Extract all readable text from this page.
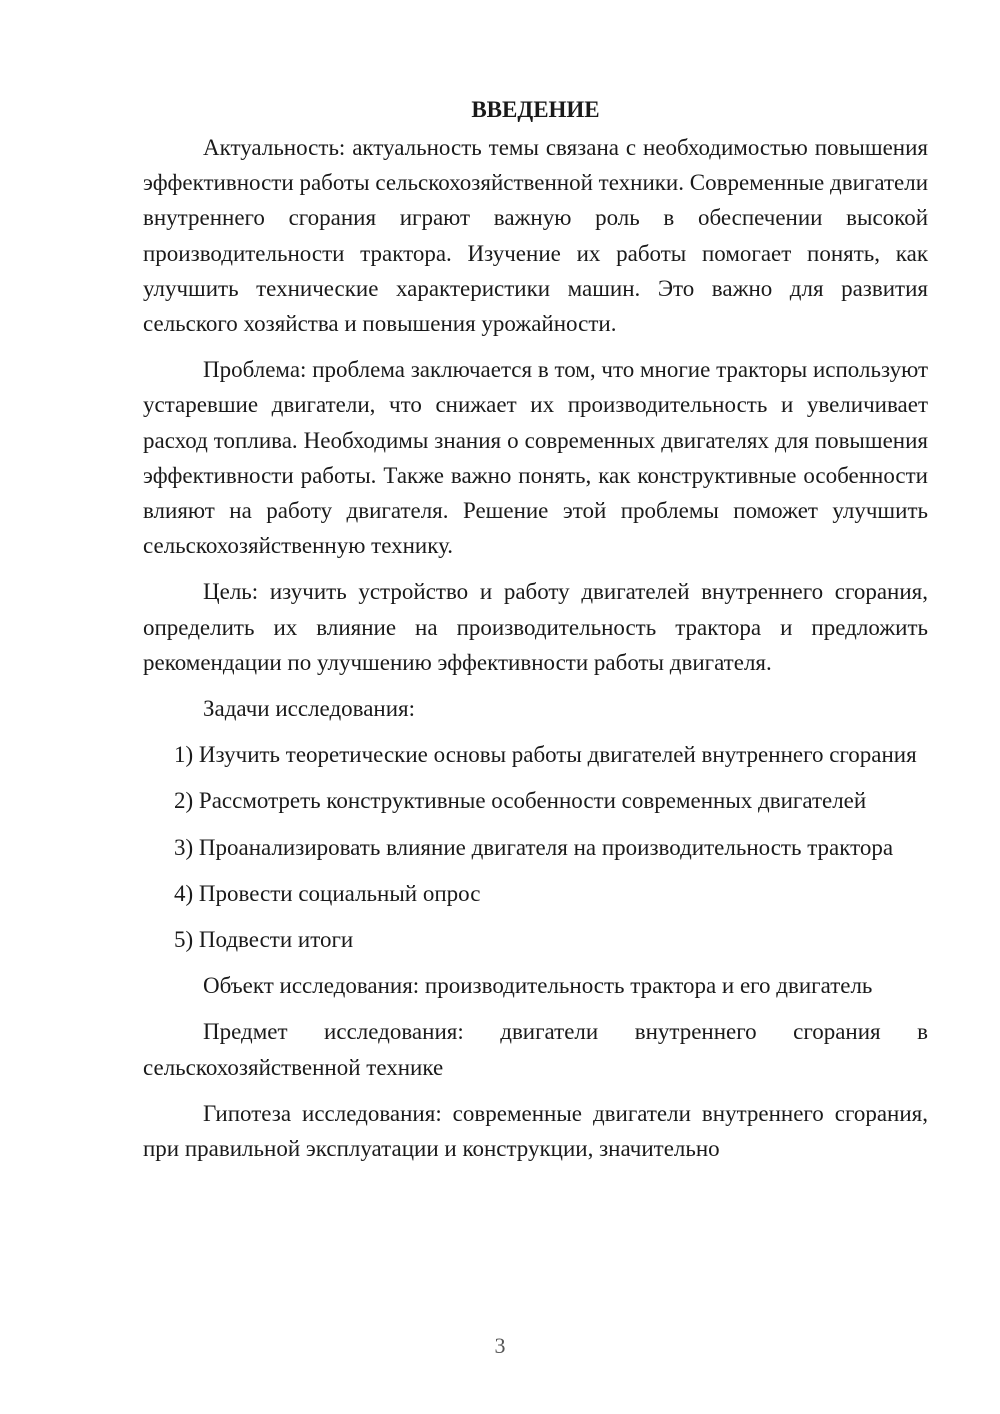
ВВЕДЕНИЕ

Актуальность: актуальность темы связана с необходимостью повышения эффективности работы сельскохозяйственной техники. Современные двигатели внутреннего сгорания играют важную роль в обеспечении высокой производительности трактора. Изучение их работы помогает понять, как улучшить технические характеристики машин. Это важно для развития сельского хозяйства и повышения урожайности.

Проблема: проблема заключается в том, что многие тракторы используют устаревшие двигатели, что снижает их производительность и увеличивает расход топлива. Необходимы знания о современных двигателях для повышения эффективности работы. Также важно понять, как конструктивные особенности влияют на работу двигателя. Решение этой проблемы поможет улучшить сельскохозяйственную технику.

Цель: изучить устройство и работу двигателей внутреннего сгорания, определить их влияние на производительность трактора и предложить рекомендации по улучшению эффективности работы двигателя.

Задачи исследования:

1) Изучить теоретические основы работы двигателей внутреннего сгорания

2) Рассмотреть конструктивные особенности современных двигателей

3) Проанализировать влияние двигателя на производительность трактора

4) Провести социальный опрос

5) Подвести итоги

Объект исследования: производительность трактора и его двигатель

Предмет исследования: двигатели внутреннего сгорания в сельскохозяйственной технике

Гипотеза исследования: современные двигатели внутреннего сгорания, при правильной эксплуатации и конструкции, значительно

3
